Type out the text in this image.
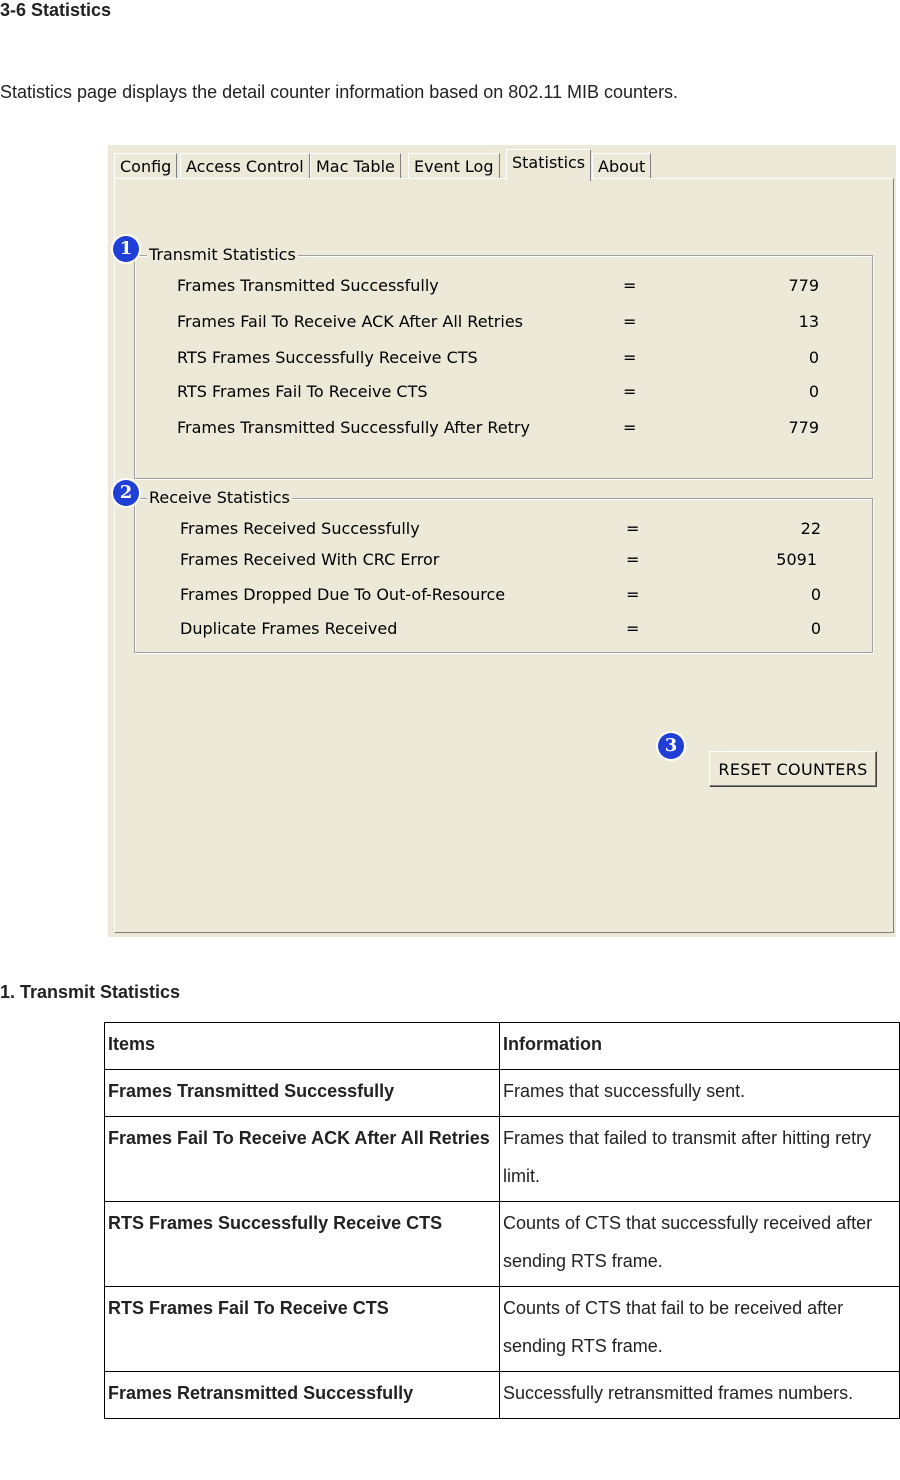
3-6 Statistics
Statistics page displays the detail counter information based on 802.11 MIB counters.
Config Access Control Mac Table	Event Log	Statistics About
Transmit Statistics
Frames Transmitted Successfully	=	779
Frames Fail To Receive ACK After All Retries	=	13
RTS Frames Successfully Receive CTS	=	0
RTS Frames Fail To Receive CTS	=	0
Frames Transmitted Successfully After Retry	=	779
Receive Statistics
Frames Received Successfully	=	22
Frames Received With CRC Error	=	5091
Frames Dropped Due To Out-of-Resource	=	0
Duplicate Frames Received	=	0
RESET COUNTERS
1
2
3
1. Transmit Statistics
Items	Information
Frames Transmitted Successfully	Frames that successfully sent.
Frames Fail To Receive ACK After All Retries	Frames that failed to transmit after hitting retry limit.
RTS Frames Successfully Receive CTS	Counts of CTS that successfully received after sending RTS frame.
RTS Frames Fail To Receive CTS	Counts of CTS that fail to be received after sending RTS frame.
Frames Retransmitted Successfully	Successfully retransmitted frames numbers.
